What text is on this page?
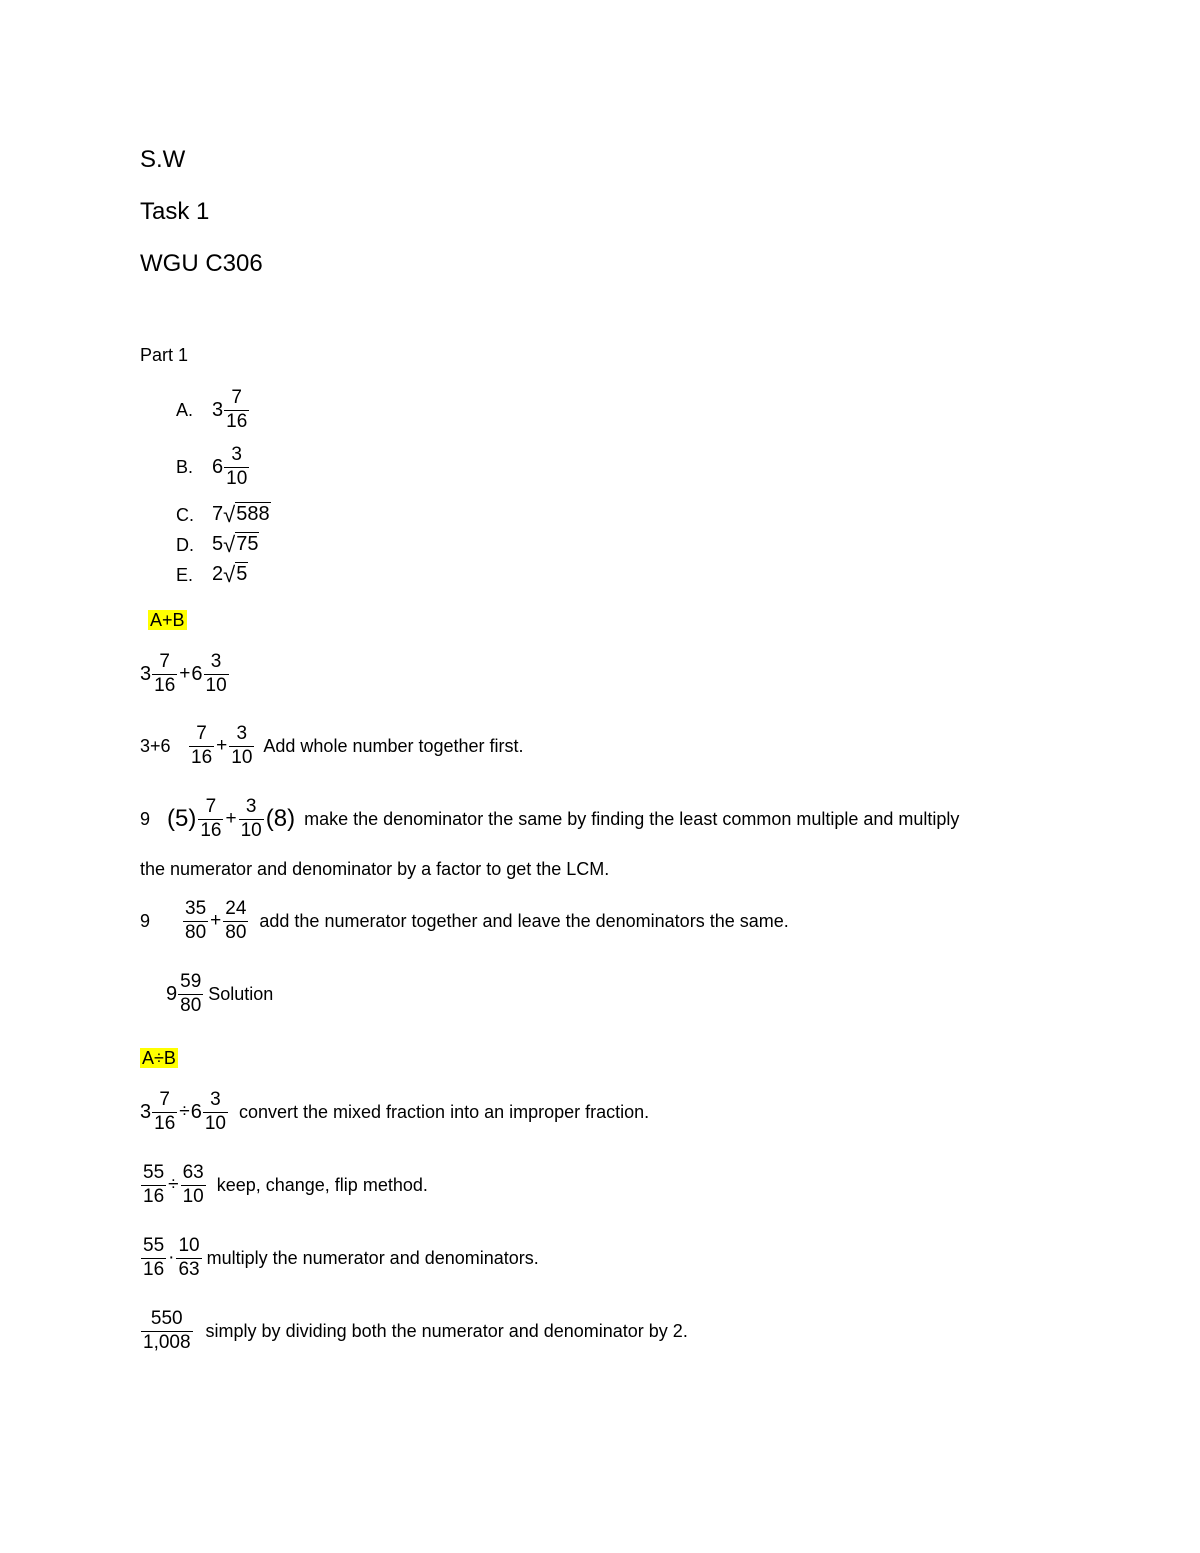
S.W
Task 1
WGU C306
Part 1
A. $3 \frac{7}{16}$
B. $6 \frac{3}{10}$
C. 7 √ 588
D. 5 √ 75
E. 2 √ 5
A+B
$3 \frac{7}{16} + 6 \frac{3}{10}$
$3+6 \frac{7}{16} + \frac{3}{10}$ Add whole number together first.
9 $(5) \frac{7}{16} + \frac{3}{10} (8)$ make the denominator the same by finding the least common multiple and multiply
the numerator and denominator by a factor to get the LCM.
9	$\frac{35}{80} + \frac{24}{80}$ add the numerator together and leave the denominators the same.
$9 \frac{59}{80}$ Solution
A÷B
$3 \frac{7}{16} \div 6 \frac{3}{10}$ convert the mixed fraction into an improper fraction.
$\frac{55}{16} \div \frac{63}{10}$ keep, change, flip method.
$\frac{55}{16} \cdot \frac{10}{63}$ multiply the numerator and denominators.
$\frac{550}{1,008}$ simply by dividing both the numerator and denominator by 2.
